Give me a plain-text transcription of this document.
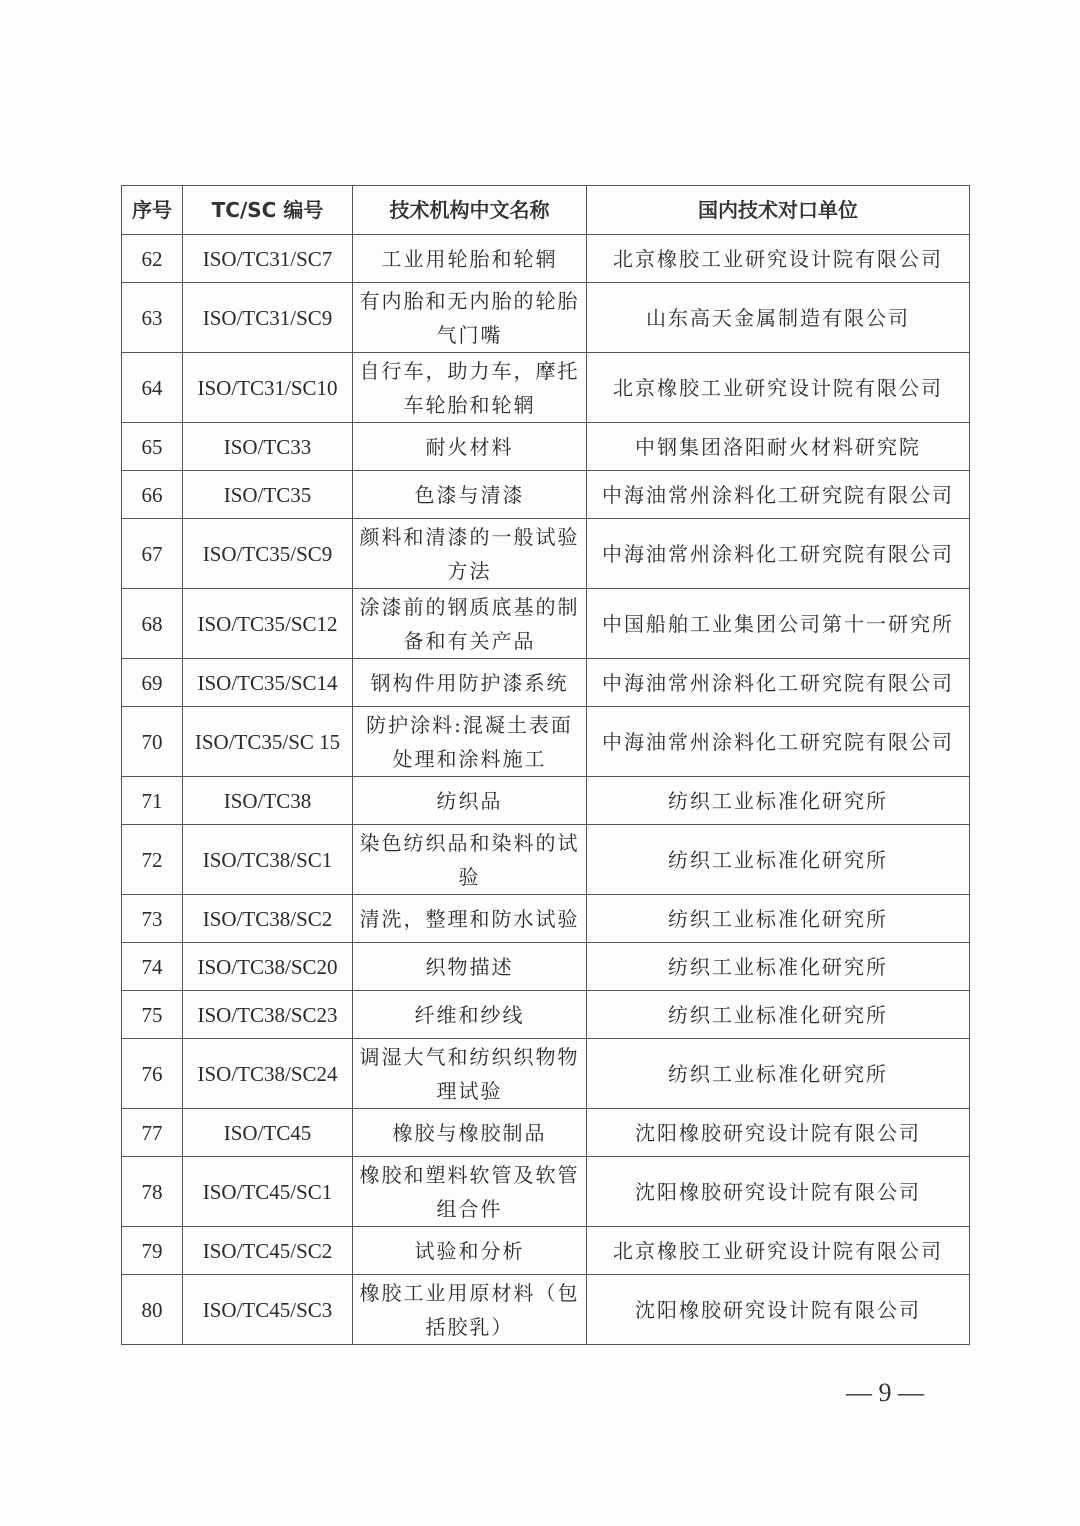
序号	TC/SC 编号	技术机构中文名称	国内技术对口单位
62	ISO/TC31/SC7	工业用轮胎和轮辋	北京橡胶工业研究设计院有限公司
63	ISO/TC31/SC9	有内胎和无内胎的轮胎气门嘴	山东高天金属制造有限公司
64	ISO/TC31/SC10	自行车，助力车，摩托车轮胎和轮辋	北京橡胶工业研究设计院有限公司
65	ISO/TC33	耐火材料	中钢集团洛阳耐火材料研究院
66	ISO/TC35	色漆与清漆	中海油常州涂料化工研究院有限公司
67	ISO/TC35/SC9	颜料和清漆的一般试验方法	中海油常州涂料化工研究院有限公司
68	ISO/TC35/SC12	涂漆前的钢质底基的制备和有关产品	中国船舶工业集团公司第十一研究所
69	ISO/TC35/SC14	钢构件用防护漆系统	中海油常州涂料化工研究院有限公司
70	ISO/TC35/SC 15	防护涂料:混凝土表面处理和涂料施工	中海油常州涂料化工研究院有限公司
71	ISO/TC38	纺织品	纺织工业标准化研究所
72	ISO/TC38/SC1	染色纺织品和染料的试验	纺织工业标准化研究所
73	ISO/TC38/SC2	清洗，整理和防水试验	纺织工业标准化研究所
74	ISO/TC38/SC20	织物描述	纺织工业标准化研究所
75	ISO/TC38/SC23	纤维和纱线	纺织工业标准化研究所
76	ISO/TC38/SC24	调湿大气和纺织织物物理试验	纺织工业标准化研究所
77	ISO/TC45	橡胶与橡胶制品	沈阳橡胶研究设计院有限公司
78	ISO/TC45/SC1	橡胶和塑料软管及软管组合件	沈阳橡胶研究设计院有限公司
79	ISO/TC45/SC2	试验和分析	北京橡胶工业研究设计院有限公司
80	ISO/TC45/SC3	橡胶工业用原材料（包括胶乳）	沈阳橡胶研究设计院有限公司
— 9 —
